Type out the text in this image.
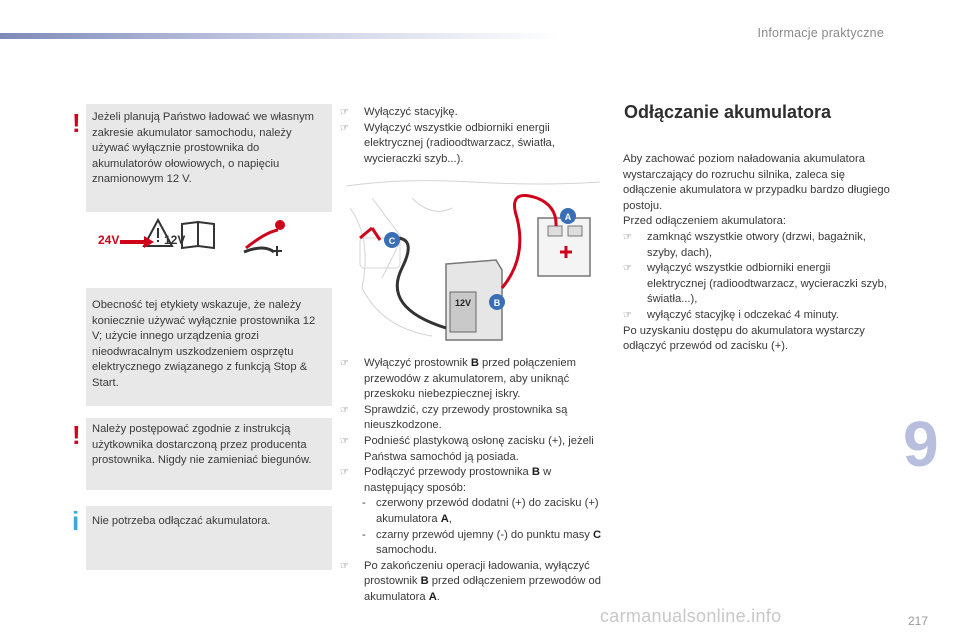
Informacje praktyczne
9
217
carmanualsonline.info
! Jeżeli planują Państwo ładować we własnym zakresie akumulator samochodu, należy używać wyłącznie prostownika do akumulatorów ołowiowych, o napięciu znamionowym 12 V.

24V	12V

Obecność tej etykiety wskazuje, że należy koniecznie używać wyłącznie prostownika 12 V; użycie innego urządzenia grozi nieodwracalnym uszkodzeniem osprzętu elektrycznego związanego z funkcją Stop & Start.

! Należy postępować zgodnie z instrukcją użytkownika dostarczoną przez producenta prostownika. Nigdy nie zamieniać biegunów.

i Nie potrzeba odłączać akumulatora.

☞ Wyłączyć stacyjkę.

☞ Wyłączyć wszystkie odbiorniki energii elektrycznej (radioodtwarzacz, światła, wycieraczki szyb...).

12V
A
B
C

☞ Wyłączyć prostownik B przed połączeniem przewodów z akumulatorem, aby uniknąć przeskoku niebezpiecznej iskry.

☞ Sprawdzić, czy przewody prostownika są nieuszkodzone.

☞ Podnieść plastykową osłonę zacisku (+), jeżeli Państwa samochód ją posiada.

☞ Podłączyć przewody prostownika B w następujący sposób:

- czerwony przewód dodatni (+) do zacisku (+) akumulatora A,

- czarny przewód ujemny (-) do punktu masy C samochodu.

☞ Po zakończeniu operacji ładowania, wyłączyć prostownik B przed odłączeniem przewodów od akumulatora A.

Odłączanie akumulatora

Aby zachować poziom naładowania akumulatora wystarczający do rozruchu silnika, zaleca się odłączenie akumulatora w przypadku bardzo długiego postoju.

Przed odłączeniem akumulatora:

☞ zamknąć wszystkie otwory (drzwi, bagażnik, szyby, dach),

☞ wyłączyć wszystkie odbiorniki energii elektrycznej (radioodtwarzacz, wycieraczki szyb, światła...),

☞ wyłączyć stacyjkę i odczekać 4 minuty.

Po uzyskaniu dostępu do akumulatora wystarczy odłączyć przewód od zacisku (+).
